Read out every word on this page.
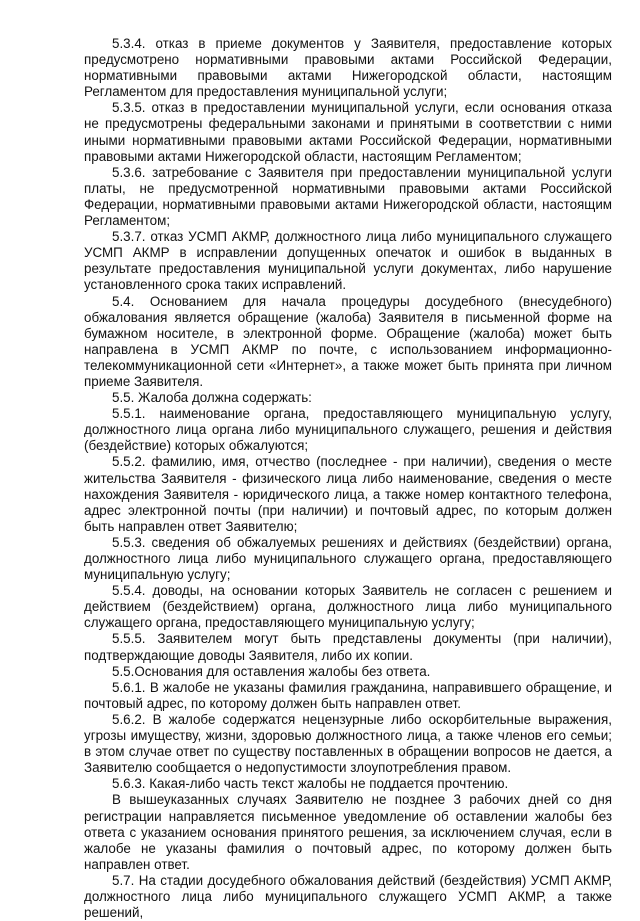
5.3.4. отказ в приеме документов у Заявителя, предоставление которых предусмотрено нормативными правовыми актами Российской Федерации, нормативными правовыми актами Нижегородской области, настоящим Регламентом для предоставления муниципальной услуги;

5.3.5. отказ в предоставлении муниципальной услуги, если основания отказа не предусмотрены федеральными законами и принятыми в соответствии с ними иными нормативными правовыми актами Российской Федерации, нормативными правовыми актами Нижегородской области, настоящим Регламентом;

5.3.6. затребование с Заявителя при предоставлении муниципальной услуги платы, не предусмотренной нормативными правовыми актами Российской Федерации, нормативными правовыми актами Нижегородской области, настоящим Регламентом;

5.3.7. отказ УСМП АКМР, должностного лица либо муниципального служащего УСМП АКМР в исправлении допущенных опечаток и ошибок в выданных в результате предоставления муниципальной услуги документах, либо нарушение установленного срока таких исправлений.

5.4. Основанием для начала процедуры досудебного (внесудебного) обжалования является обращение (жалоба) Заявителя в письменной форме на бумажном носителе, в электронной форме. Обращение (жалоба) может быть направлена в УСМП АКМР по почте, с использованием информационно-телекоммуникационной сети «Интернет», а также может быть принята при личном приеме Заявителя.

5.5. Жалоба должна содержать:

5.5.1. наименование органа, предоставляющего муниципальную услугу, должностного лица органа либо муниципального служащего, решения и действия (бездействие) которых обжалуются;

5.5.2. фамилию, имя, отчество (последнее - при наличии), сведения о месте жительства Заявителя - физического лица либо наименование, сведения о месте нахождения Заявителя - юридического лица, а также номер контактного телефона, адрес электронной почты (при наличии) и почтовый адрес, по которым должен быть направлен ответ Заявителю;

5.5.3. сведения об обжалуемых решениях и действиях (бездействии) органа, должностного лица либо муниципального служащего органа, предоставляющего муниципальную услугу;

5.5.4. доводы, на основании которых Заявитель не согласен с решением и действием (бездействием) органа, должностного лица либо муниципального служащего органа, предоставляющего муниципальную услугу;

5.5.5. Заявителем могут быть представлены документы (при наличии), подтверждающие доводы Заявителя, либо их копии.

5.5.Основания для оставления жалобы без ответа.

5.6.1. В жалобе не указаны фамилия гражданина, направившего обращение, и почтовый адрес, по которому должен быть направлен ответ.

5.6.2. В жалобе содержатся нецензурные либо оскорбительные выражения, угрозы имуществу, жизни, здоровью должностного лица, а также членов его семьи; в этом случае ответ по существу поставленных в обращении вопросов не дается, а Заявителю сообщается о недопустимости злоупотребления правом.

5.6.3. Какая-либо часть текст жалобы не поддается прочтению.

В вышеуказанных случаях Заявителю не позднее 3 рабочих дней со дня регистрации направляется письменное уведомление об оставлении жалобы без ответа с указанием основания принятого решения, за исключением случая, если в жалобе не указаны фамилия о почтовый адрес, по которому должен быть направлен ответ.

5.7. На стадии досудебного обжалования действий (бездействия) УСМП АКМР, должностного лица либо муниципального служащего УСМП АКМР, а также решений,
